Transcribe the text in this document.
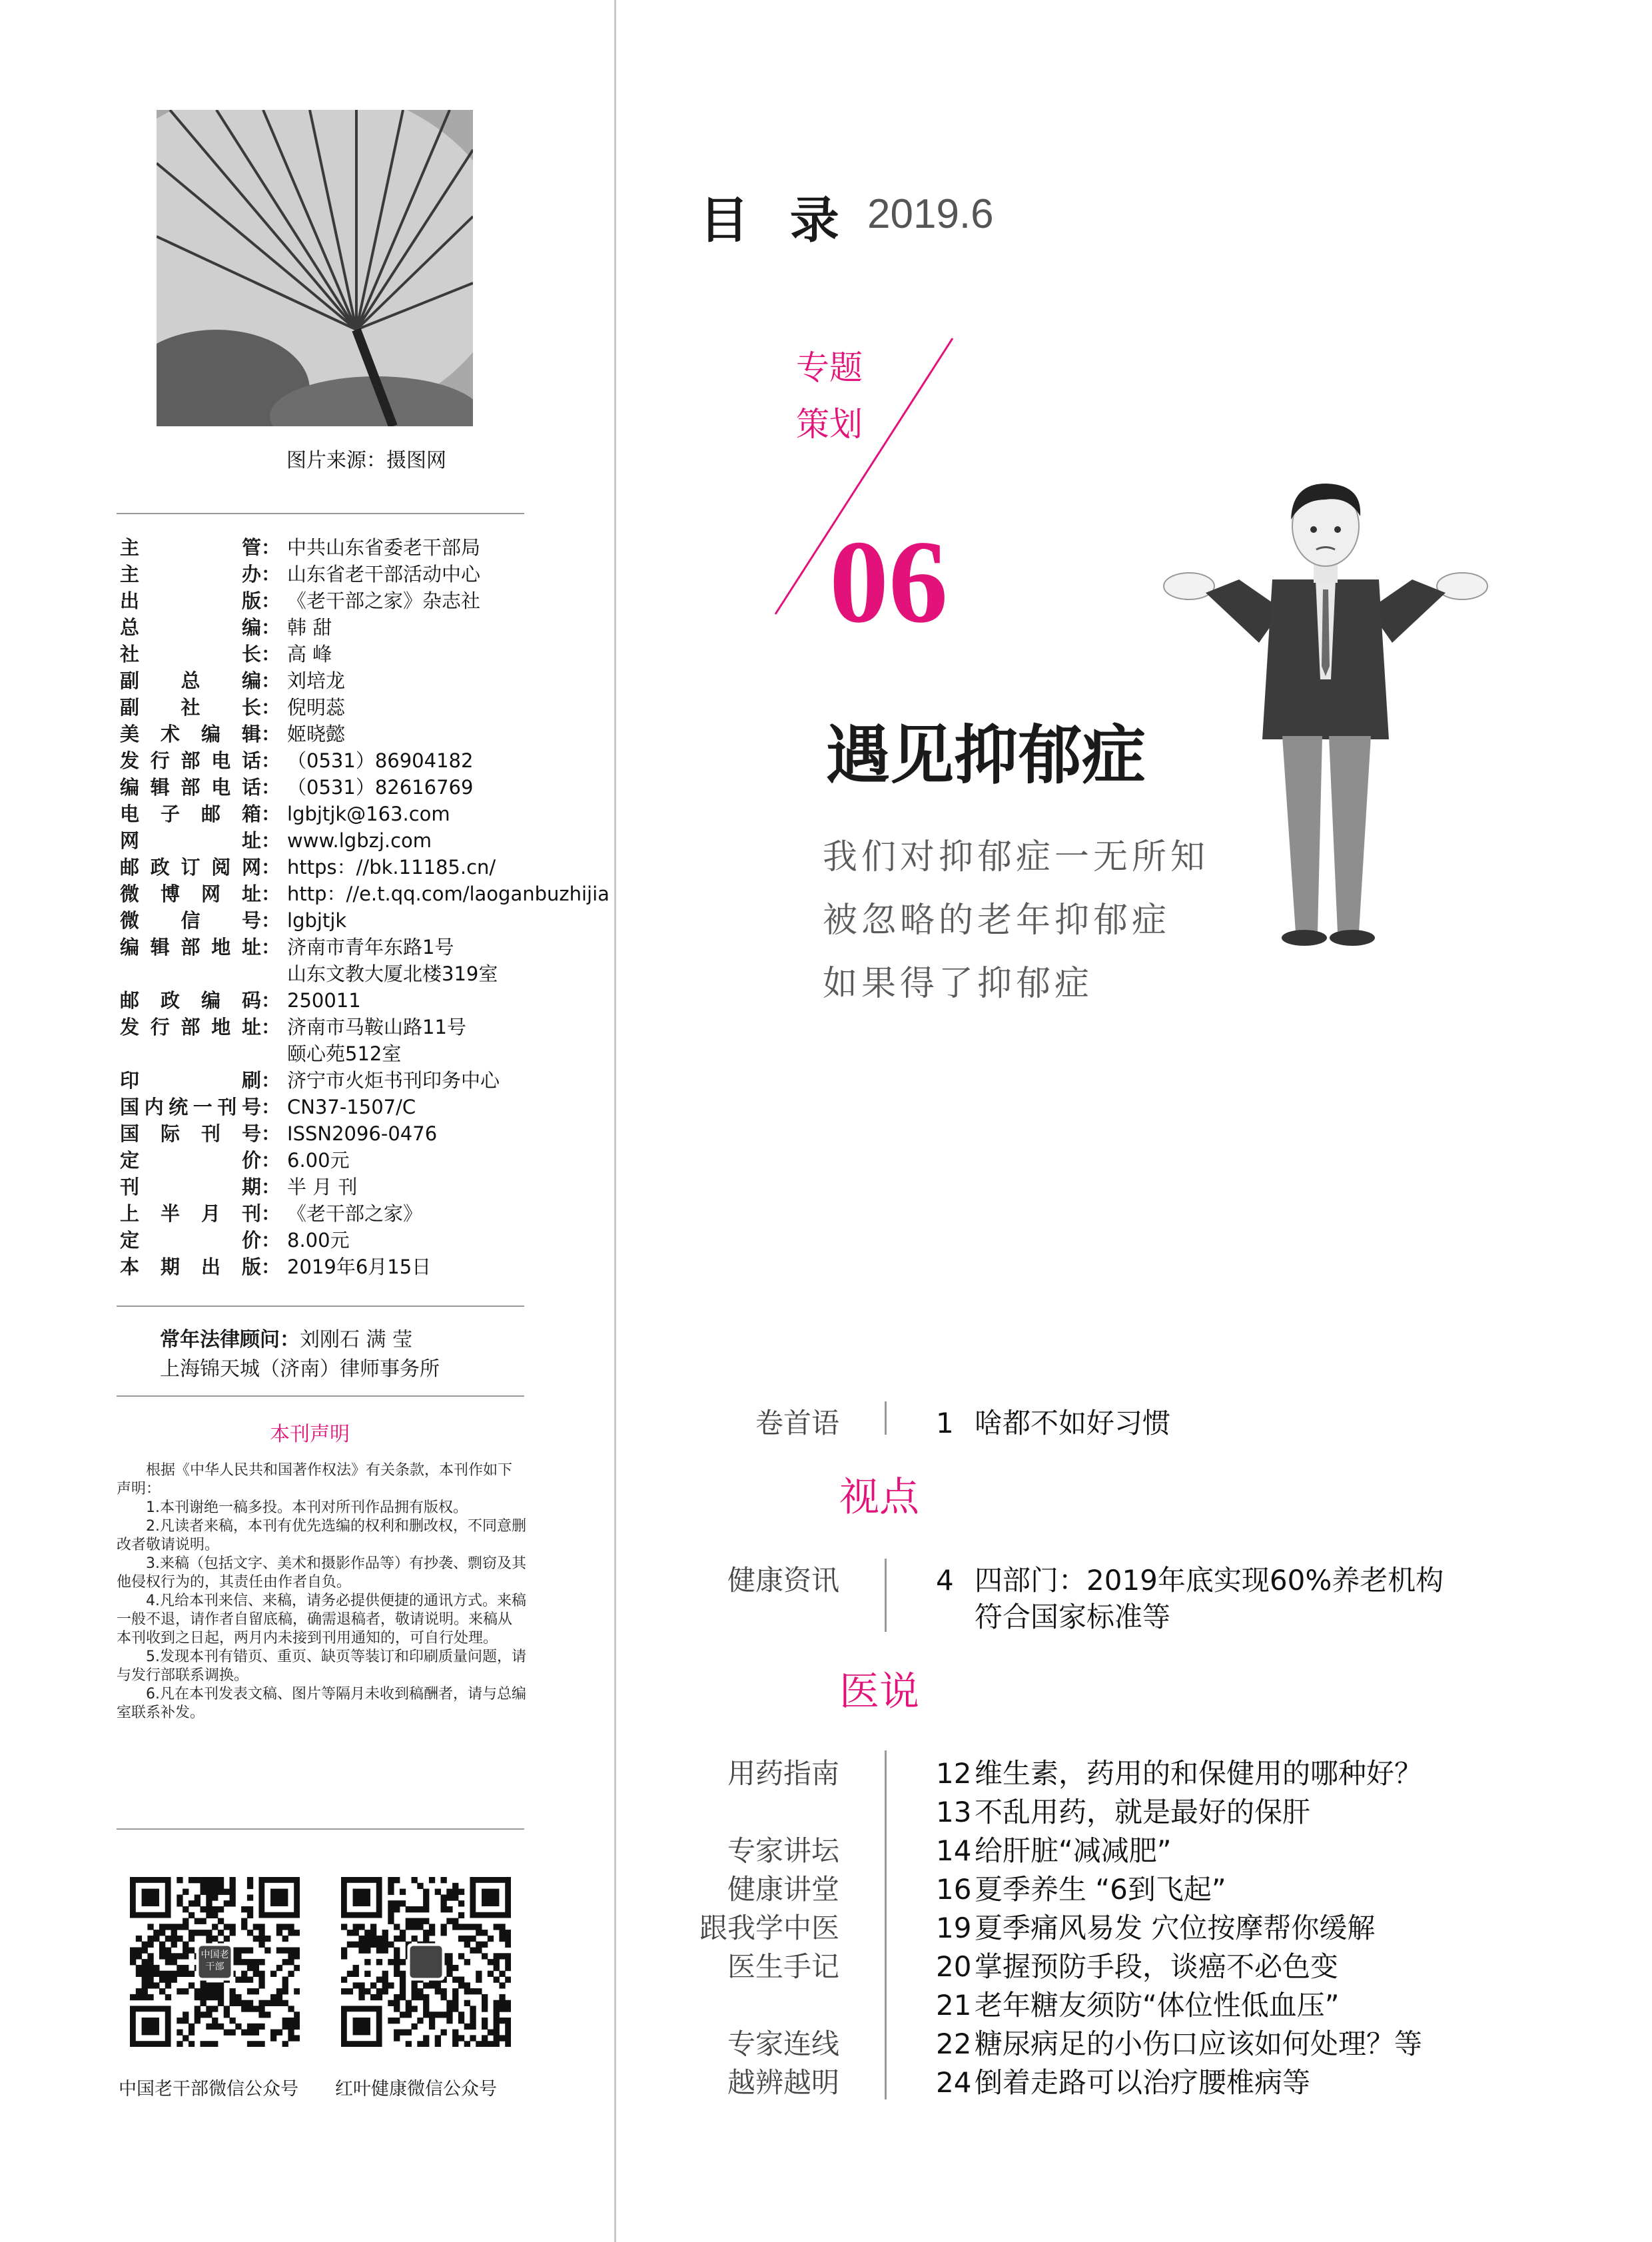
图片来源：摄图网
主管 ： 中共山东省委老干部局
主办 ： 山东省老干部活动中心
出版 ： 《老干部之家》杂志社
总编 ： 韩 甜
社长 ： 高 峰
副总编 ： 刘培龙
副社长 ： 倪明蕊
美术编辑 ： 姬晓懿
发行部电话 ： （0531）86904182
编辑部电话 ： （0531）82616769
电子邮箱 ： lgbjtjk@163.com
网址 ： www.lgbzj.com
邮政订阅网 ： https：//bk.11185.cn/
微博网址 ： http：//e.t.qq.com/laoganbuzhijia
微信号 ： lgbjtjk
编辑部地址 ： 济南市青年东路1号
山东文教大厦北楼319室
邮政编码 ： 250011
发行部地址 ： 济南市马鞍山路11号
颐心苑512室
印刷 ： 济宁市火炬书刊印务中心
国内统一刊号 ： CN37-1507/C
国际刊号 ： ISSN2096-0476
定价 ： 6.00元
刊期 ： 半 月 刊
上半月刊 ： 《老干部之家》
定价 ： 8.00元
本期出版 ： 2019年6月15日
常年法律顾问：刘刚石 满 莹
上海锦天城（济南）律师事务所
本刊声明

根据《中华人民共和国著作权法》有关条款，本刊作如下声明：

1.本刊谢绝一稿多投。本刊对所刊作品拥有版权。

2.凡读者来稿，本刊有优先选编的权利和删改权，不同意删改者敬请说明。

3.来稿（包括文字、美术和摄影作品等）有抄袭、剽窃及其他侵权行为的，其责任由作者自负。

4.凡给本刊来信、来稿，请务必提供便捷的通讯方式。来稿一般不退，请作者自留底稿，确需退稿者，敬请说明。来稿从本刊收到之日起，两月内未接到刊用通知的，可自行处理。

5.发现本刊有错页、重页、缺页等装订和印刷质量问题，请与发行部联系调换。

6.凡在本刊发表文稿、图片等隔月未收到稿酬者，请与总编室联系补发。

中国老干部
中国老干部微信公众号 红叶健康微信公众号
目 录 2019.6
专题
策划
06
遇见抑郁症
我们对抑郁症一无所知
被忽略的老年抑郁症
如果得了抑郁症
卷首语	1 啥都不如好习惯
视点
健康资讯	4 四部门：2019年底实现60%养老机构
符合国家标准等
医说
用药指南	12 维生素，药用的和保健用的哪种好？
13 不乱用药，就是最好的保肝
专家讲坛	14 给肝脏“减减肥”
健康讲堂	16 夏季养生 “6到飞起”
跟我学中医	19 夏季痛风易发 穴位按摩帮你缓解
医生手记	20 掌握预防手段，谈癌不必色变
21 老年糖友须防“体位性低血压”
专家连线	22 糖尿病足的小伤口应该如何处理？等
越辨越明	24 倒着走路可以治疗腰椎病等
